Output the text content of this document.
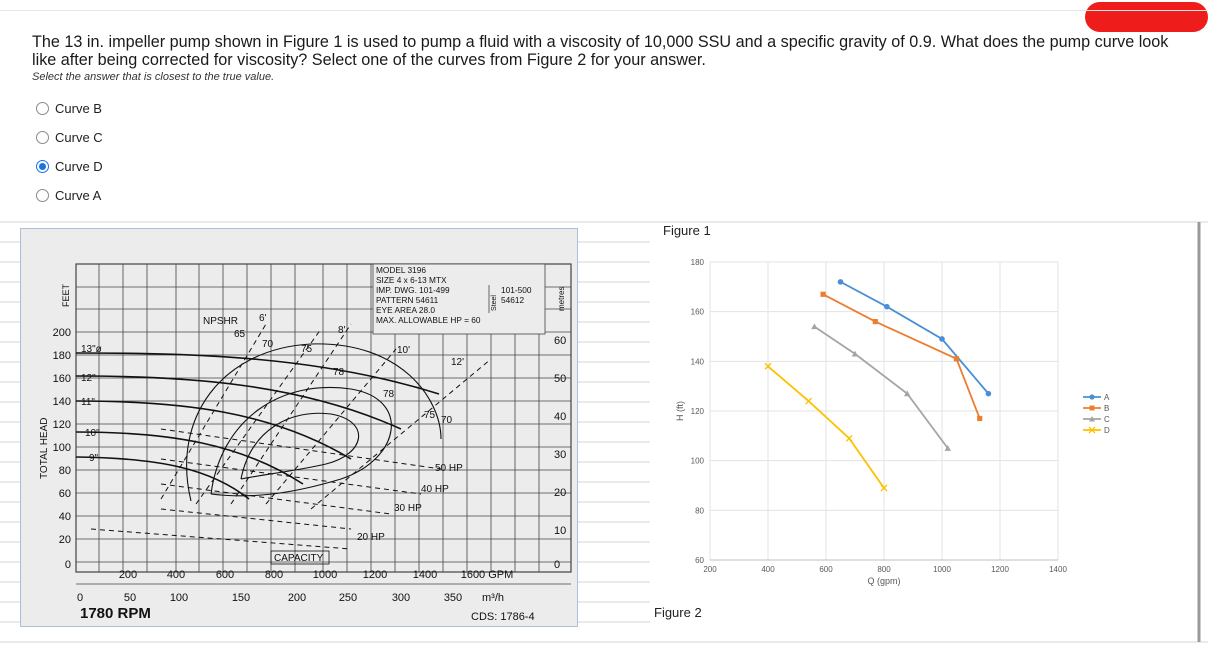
The 13 in. impeller pump shown in Figure 1 is used to pump a fluid with a viscosity of 10,000 SSU and a specific gravity of 0.9. What does the pump curve look like after being corrected for viscosity? Select one of the curves from Figure 2 for your answer.

Select the answer that is closest to the true value.
Curve B
Curve C
Curve D
Curve A
MODEL 3196
SIZE 4 x 6-13 MTX
IMP. DWG. 101-499
PATTERN 54611
EYE AREA 28.0
MAX. ALLOWABLE HP = 60
101-500
54612
Steel
FEET
TOTAL HEAD
metres
200
180
160
140
120
100
80
60
40
20
0
60
50
40
30
20
10
0
13"ø
12"
11"
10"
9"
NPSHR 6'
8'
10'
12'
65
70	75
78
78
75 70
50 HP
40 HP
30 HP
20 HP
CAPACITY
200	400	600	800	1000 1200 1400 1600 GPM
0	50	100	150	200	250	300	350 m³/h
1780 RPM	CDS: 1786-4
60
80
100
120
140
160
180
200	400	600	800	1000	1200	1400
Q (gpm)
H (ft)
A
B
C
D
Figure 1
Figure 2
